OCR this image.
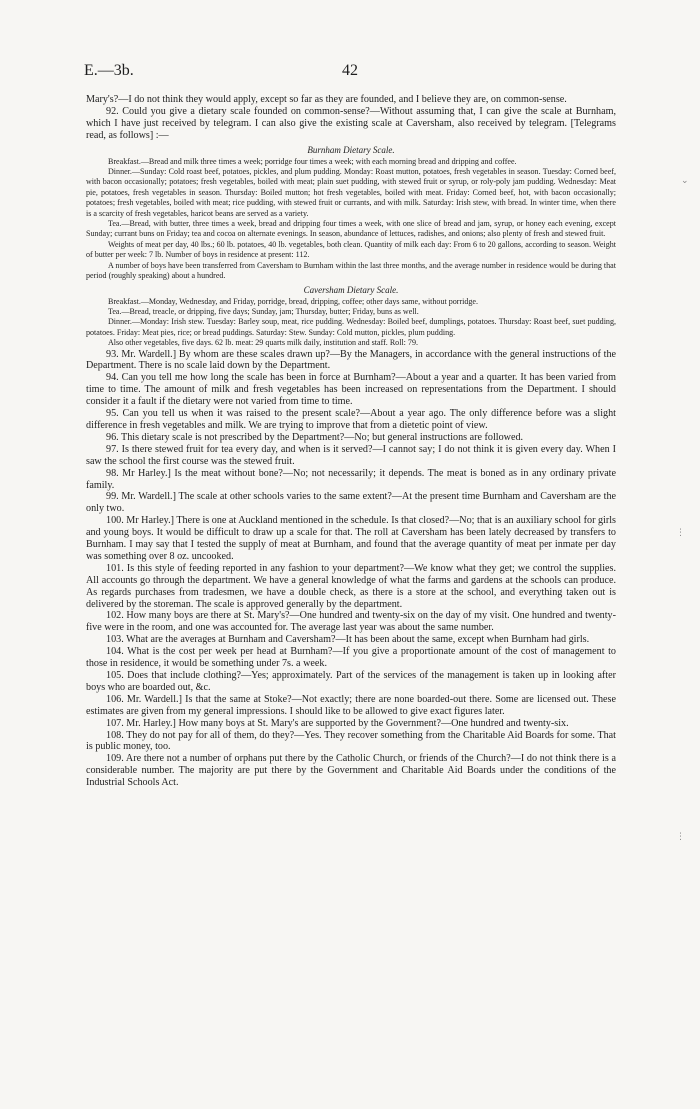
E.—3b.	42

Mary's?—I do not think they would apply, except so far as they are founded, and I believe they are, on common-sense.

92. Could you give a dietary scale founded on common-sense?—Without assuming that, I can give the scale at Burnham, which I have just received by telegram. I can also give the existing scale at Caversham, also received by telegram. [Telegrams read, as follows] :—

Burnham Dietary Scale.

Breakfast.—Bread and milk three times a week; porridge four times a week; with each morning bread and dripping and coffee.

Dinner.—Sunday: Cold roast beef, potatoes, pickles, and plum pudding. Monday: Roast mutton, potatoes, fresh vegetables in season. Tuesday: Corned beef, with bacon occasionally; potatoes; fresh vegetables, boiled with meat; plain suet pudding, with stewed fruit or syrup, or roly-poly jam pudding. Wednesday: Meat pie, potatoes, fresh vegetables in season. Thursday: Boiled mutton; hot fresh vegetables, boiled with meat. Friday: Corned beef, hot, with bacon occasionally; potatoes; fresh vegetables, boiled with meat; rice pudding, with stewed fruit or currants, and with milk. Saturday: Irish stew, with bread. In winter time, when there is a scarcity of fresh vegetables, haricot beans are served as a variety.

Tea.—Bread, with butter, three times a week, bread and dripping four times a week, with one slice of bread and jam, syrup, or honey each evening, except Sunday; currant buns on Friday; tea and cocoa on alternate evenings. In season, abundance of lettuces, radishes, and onions; also plenty of fresh and stewed fruit.

Weights of meat per day, 40 lbs.; 60 lb. potatoes, 40 lb. vegetables, both clean. Quantity of milk each day: From 6 to 20 gallons, according to season. Weight of butter per week: 7 lb. Number of boys in residence at present: 112.

A number of boys have been transferred from Caversham to Burnham within the last three months, and the average number in residence would be during that period (roughly speaking) about a hundred.

Caversham Dietary Scale.

Breakfast.—Monday, Wednesday, and Friday, porridge, bread, dripping, coffee; other days same, without porridge.

Tea.—Bread, treacle, or dripping, five days; Sunday, jam; Thursday, butter; Friday, buns as well.

Dinner.—Monday: Irish stew. Tuesday: Barley soup, meat, rice pudding. Wednesday: Boiled beef, dumplings, potatoes. Thursday: Roast beef, suet pudding, potatoes. Friday: Meat pies, rice; or bread puddings. Saturday: Stew. Sunday: Cold mutton, pickles, plum pudding.

Also other vegetables, five days. 62 lb. meat: 29 quarts milk daily, institution and staff. Roll: 79.

93. Mr. Wardell.] By whom are these scales drawn up?—By the Managers, in accordance with the general instructions of the Department. There is no scale laid down by the Department.

94. Can you tell me how long the scale has been in force at Burnham?—About a year and a quarter. It has been varied from time to time. The amount of milk and fresh vegetables has been increased on representations from the Department. I should consider it a fault if the dietary were not varied from time to time.

95. Can you tell us when it was raised to the present scale?—About a year ago. The only difference before was a slight difference in fresh vegetables and milk. We are trying to improve that from a dietetic point of view.

96. This dietary scale is not prescribed by the Department?—No; but general instructions are followed.

97. Is there stewed fruit for tea every day, and when is it served?—I cannot say; I do not think it is given every day. When I saw the school the first course was the stewed fruit.

98. Mr Harley.] Is the meat without bone?—No; not necessarily; it depends. The meat is boned as in any ordinary private family.

99. Mr. Wardell.] The scale at other schools varies to the same extent?—At the present time Burnham and Caversham are the only two.

100. Mr Harley.] There is one at Auckland mentioned in the schedule. Is that closed?—No; that is an auxiliary school for girls and young boys. It would be difficult to draw up a scale for that. The roll at Caversham has been lately decreased by transfers to Burnham. I may say that I tested the supply of meat at Burnham, and found that the average quantity of meat per inmate per day was something over 8 oz. uncooked.

101. Is this style of feeding reported in any fashion to your department?—We know what they get; we control the supplies. All accounts go through the department. We have a general knowledge of what the farms and gardens at the schools can produce. As regards purchases from tradesmen, we have a double check, as there is a store at the school, and everything taken out is delivered by the storeman. The scale is approved generally by the department.

102. How many boys are there at St. Mary's?—One hundred and twenty-six on the day of my visit. One hundred and twenty-five were in the room, and one was accounted for. The average last year was about the same number.

103. What are the averages at Burnham and Caversham?—It has been about the same, except when Burnham had girls.

104. What is the cost per week per head at Burnham?—If you give a proportionate amount of the cost of management to those in residence, it would be something under 7s. a week.

105. Does that include clothing?—Yes; approximately. Part of the services of the management is taken up in looking after boys who are boarded out, &c.

106. Mr. Wardell.] Is that the same at Stoke?—Not exactly; there are none boarded-out there. Some are licensed out. These estimates are given from my general impressions. I should like to be allowed to give exact figures later.

107. Mr. Harley.] How many boys at St. Mary's are supported by the Government?—One hundred and twenty-six.

108. They do not pay for all of them, do they?—Yes. They recover something from the Charitable Aid Boards for some. That is public money, too.

109. Are there not a number of orphans put there by the Catholic Church, or friends of the Church?—I do not think there is a considerable number. The majority are put there by the Government and Charitable Aid Boards under the conditions of the Industrial Schools Act.

⌄
⋮
⋮
